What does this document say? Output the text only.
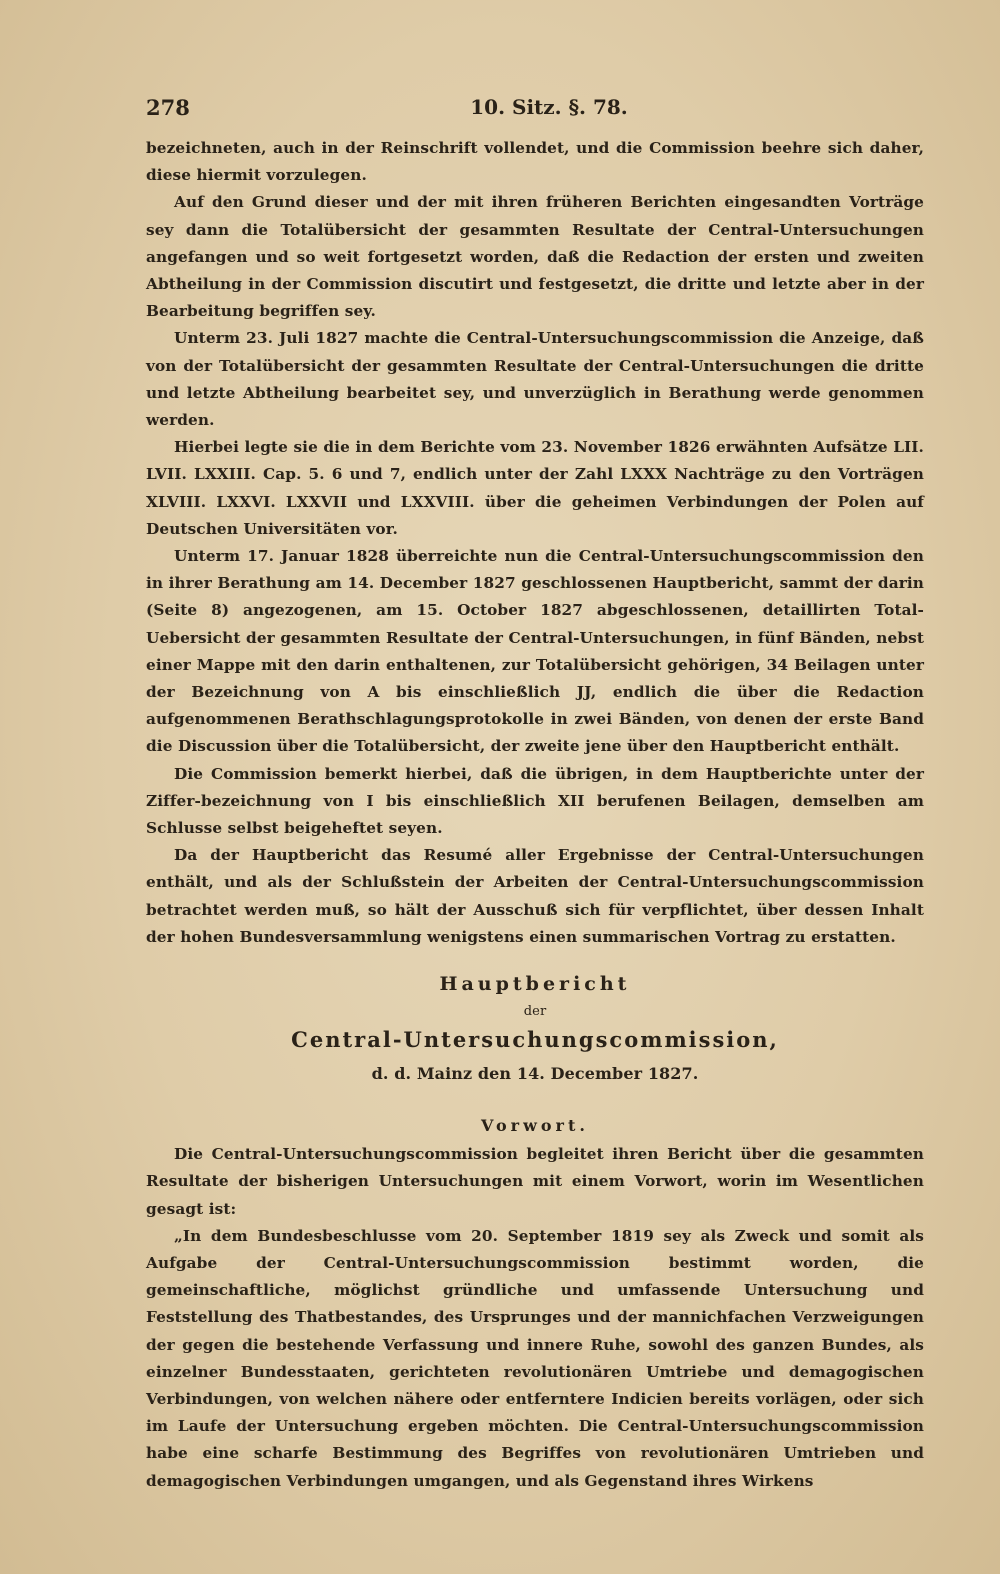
278	10. Sitz. §. 78.

bezeichneten, auch in der Reinschrift vollendet, und die Commission beehre sich daher, diese hiermit vorzulegen.

Auf den Grund dieser und der mit ihren früheren Berichten eingesandten Vorträge sey dann die Totalübersicht der gesammten Resultate der Central-Untersuchungen angefangen und so weit fortgesetzt worden, daß die Redaction der ersten und zweiten Abtheilung in der Commission discutirt und festgesetzt, die dritte und letzte aber in der Bearbeitung begriffen sey.

Unterm 23. Juli 1827 machte die Central-Untersuchungscommission die Anzeige, daß von der Totalübersicht der gesammten Resultate der Central-Untersuchungen die dritte und letzte Abtheilung bearbeitet sey, und unverzüglich in Berathung werde genommen werden.

Hierbei legte sie die in dem Berichte vom 23. November 1826 erwähnten Aufsätze LII. LVII. LXXIII. Cap. 5. 6 und 7, endlich unter der Zahl LXXX Nachträge zu den Vorträgen XLVIII. LXXVI. LXXVII und LXXVIII. über die geheimen Verbindungen der Polen auf Deutschen Universitäten vor.

Unterm 17. Januar 1828 überreichte nun die Central-Untersuchungscommission den in ihrer Berathung am 14. December 1827 geschlossenen Hauptbericht, sammt der darin (Seite 8) angezogenen, am 15. October 1827 abgeschlossenen, detaillirten Total-Uebersicht der gesammten Resultate der Central-Untersuchungen, in fünf Bänden, nebst einer Mappe mit den darin enthaltenen, zur Totalübersicht gehörigen, 34 Beilagen unter der Bezeichnung von A bis einschließlich JJ, endlich die über die Redaction aufgenommenen Berathschlagungsprotokolle in zwei Bänden, von denen der erste Band die Discussion über die Totalübersicht, der zweite jene über den Hauptbericht enthält.

Die Commission bemerkt hierbei, daß die übrigen, in dem Hauptberichte unter der Ziffer-bezeichnung von I bis einschließlich XII berufenen Beilagen, demselben am Schlusse selbst beigeheftet seyen.

Da der Hauptbericht das Resumé aller Ergebnisse der Central-Untersuchungen enthält, und als der Schlußstein der Arbeiten der Central-Untersuchungscommission betrachtet werden muß, so hält der Ausschuß sich für verpflichtet, über dessen Inhalt der hohen Bundesversammlung wenigstens einen summarischen Vortrag zu erstatten.

Hauptbericht
der
Central-Untersuchungscommission,
d. d. Mainz den 14. December 1827.
Vorwort.

Die Central-Untersuchungscommission begleitet ihren Bericht über die gesammten Resultate der bisherigen Untersuchungen mit einem Vorwort, worin im Wesentlichen gesagt ist:

„In dem Bundesbeschlusse vom 20. September 1819 sey als Zweck und somit als Aufgabe der Central-Untersuchungscommission bestimmt worden, die gemeinschaftliche, möglichst gründliche und umfassende Untersuchung und Feststellung des Thatbestandes, des Ursprunges und der mannichfachen Verzweigungen der gegen die bestehende Verfassung und innere Ruhe, sowohl des ganzen Bundes, als einzelner Bundesstaaten, gerichteten revolutionären Umtriebe und demagogischen Verbindungen, von welchen nähere oder entferntere Indicien bereits vorlägen, oder sich im Laufe der Untersuchung ergeben möchten. Die Central-Untersuchungscommission habe eine scharfe Bestimmung des Begriffes von revolutionären Umtrieben und demagogischen Verbindungen umgangen, und als Gegenstand ihres Wirkens
